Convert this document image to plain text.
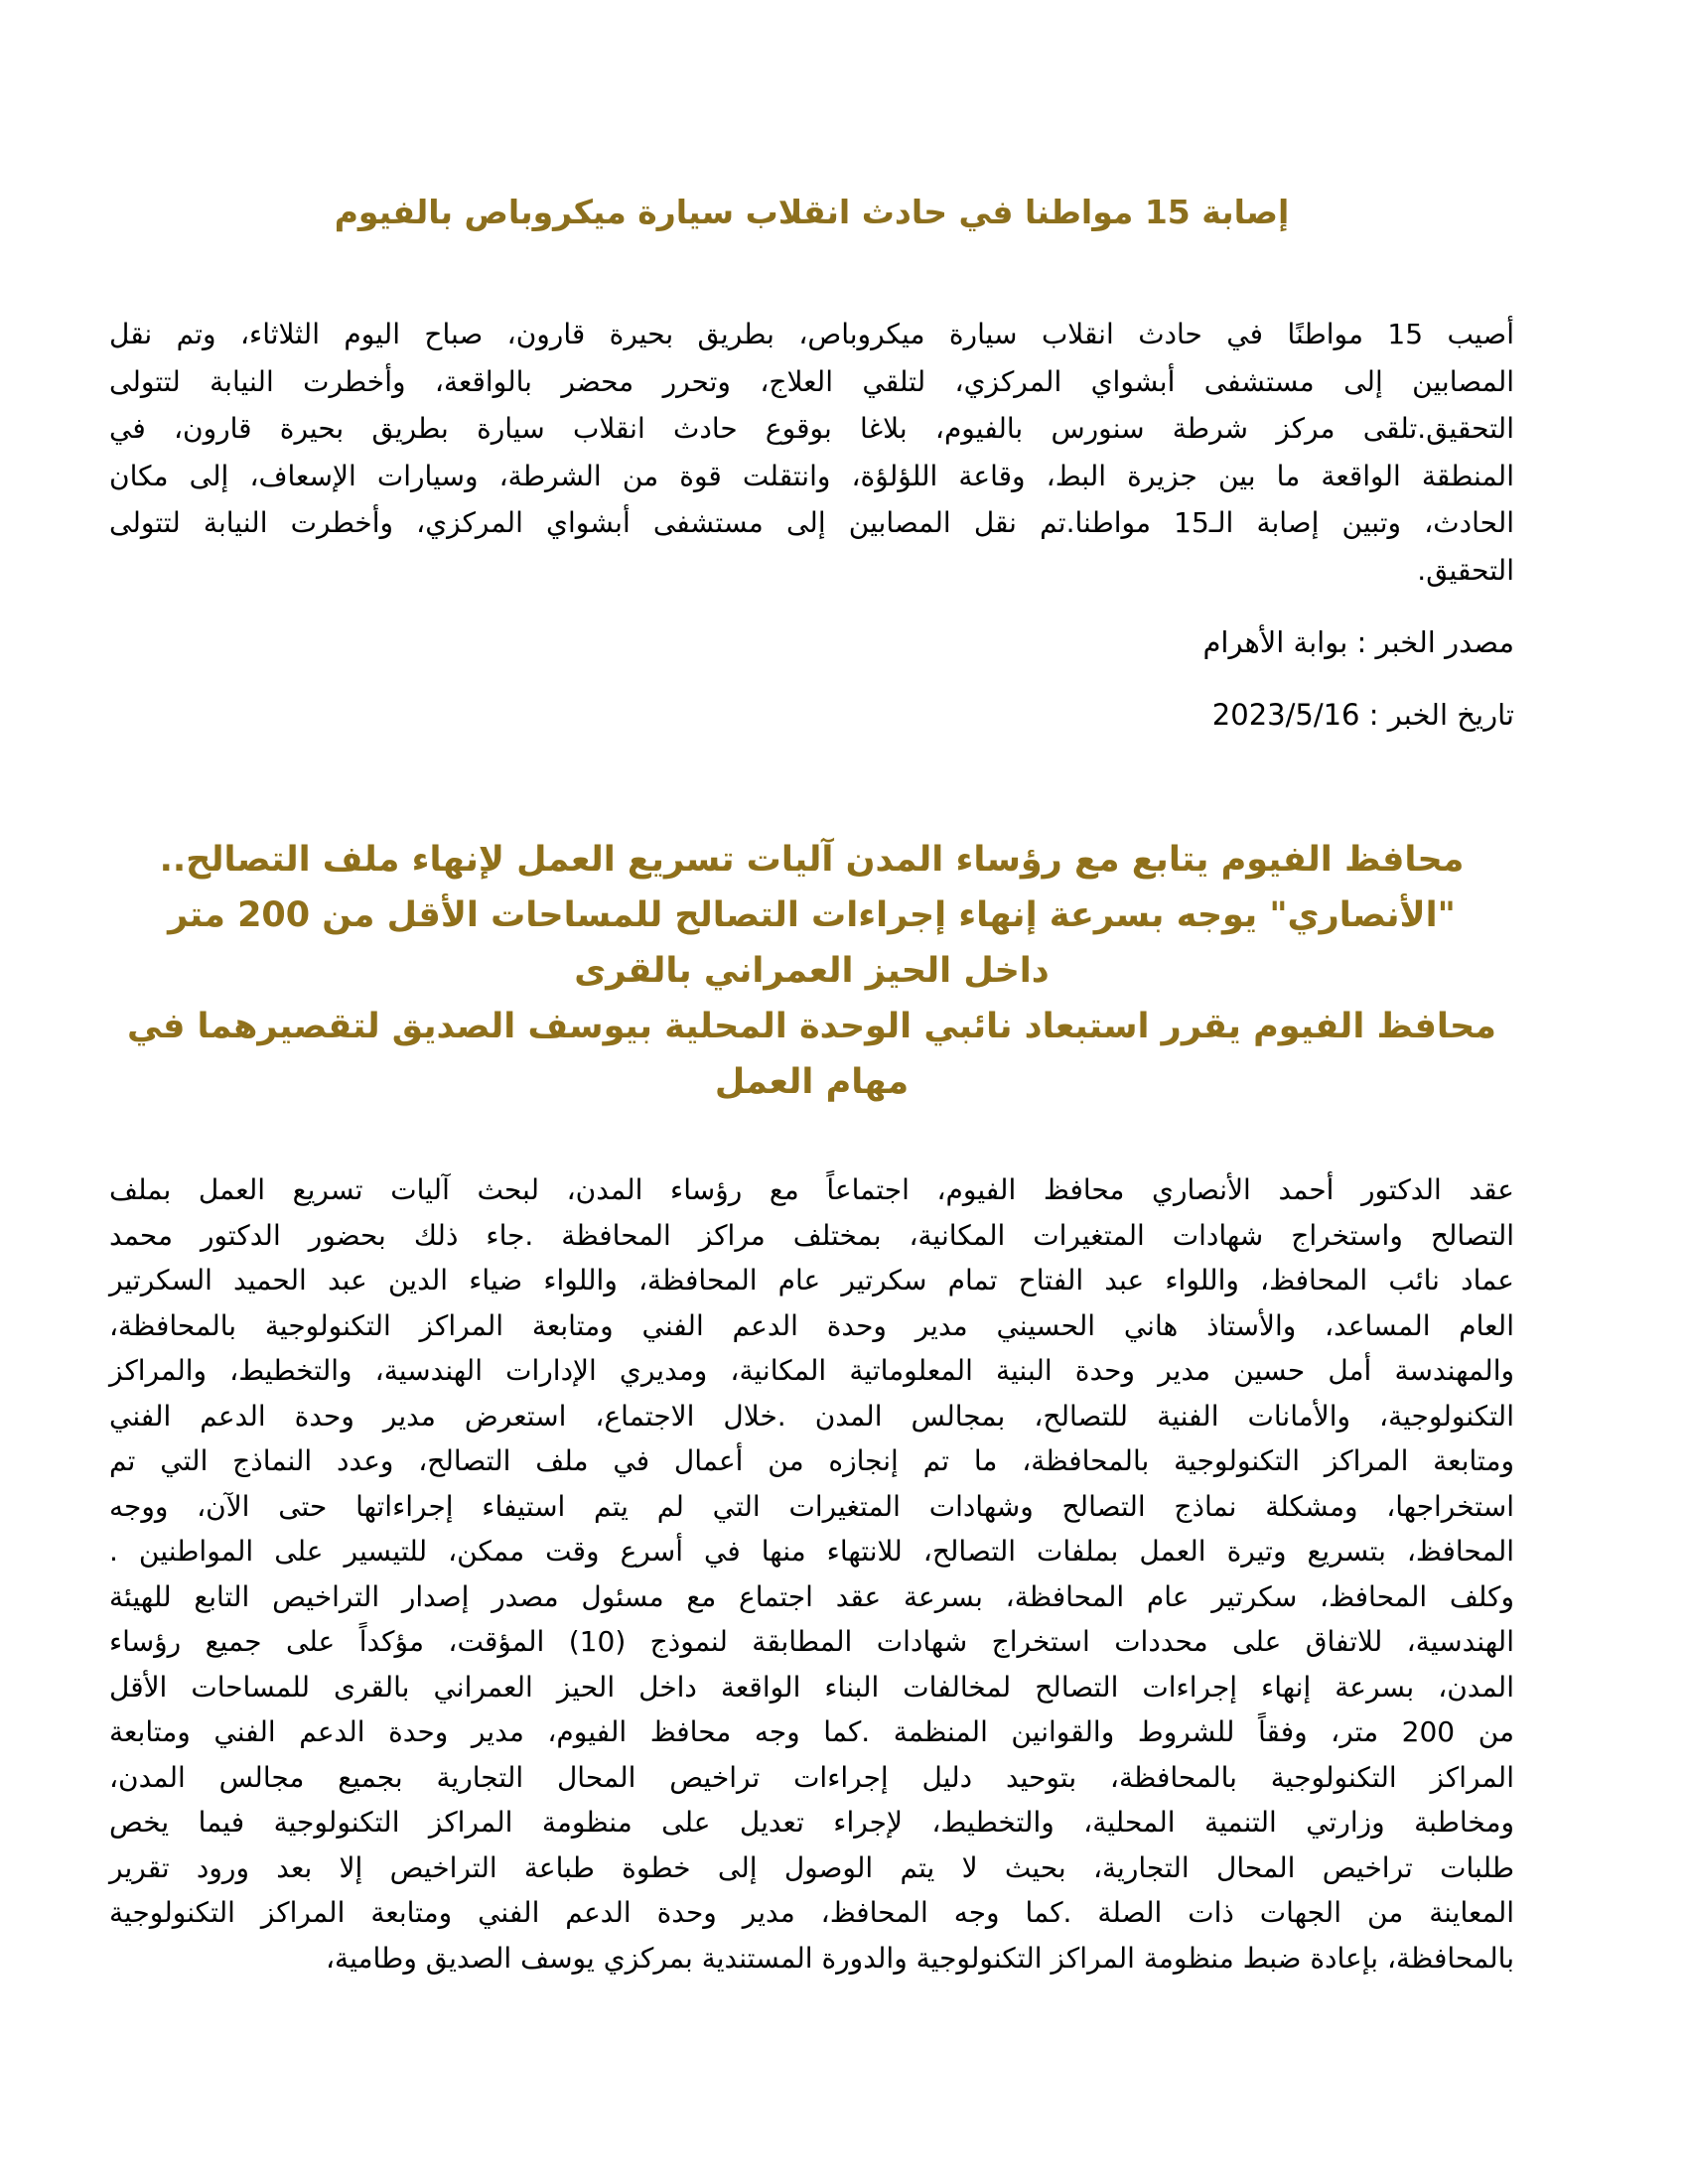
إصابة 15 مواطنا في حادث انقلاب سيارة ميكروباص بالفيوم
أصيب 15 مواطنًا في حادث انقلاب سيارة ميكروباص، بطريق بحيرة قارون، صباح اليوم الثلاثاء، وتم نقل
المصابين إلى مستشفى أبشواي المركزي، لتلقي العلاج، وتحرر محضر بالواقعة، وأخطرت النيابة لتتولى
التحقيق.تلقى مركز شرطة سنورس بالفيوم، بلاغا بوقوع حادث انقلاب سيارة بطريق بحيرة قارون، في
المنطقة الواقعة ما بين جزيرة البط، وقاعة اللؤلؤة، وانتقلت قوة من الشرطة، وسيارات الإسعاف، إلى مكان
الحادث، وتبين إصابة الـ15 مواطنا.تم نقل المصابين إلى مستشفى أبشواي المركزي، وأخطرت النيابة لتتولى
التحقيق.
مصدر الخبر : بوابة الأهرام
تاريخ الخبر : 2023/5/16
محافظ الفيوم يتابع مع رؤساء المدن آليات تسريع العمل لإنهاء ملف التصالح..
"الأنصاري" يوجه بسرعة إنهاء إجراءات التصالح للمساحات الأقل من 200 متر
داخل الحيز العمراني بالقرى
محافظ الفيوم يقرر استبعاد نائبي الوحدة المحلية بيوسف الصديق لتقصيرهما في
مهام العمل
عقد الدكتور أحمد الأنصاري محافظ الفيوم، اجتماعاً مع رؤساء المدن، لبحث آليات تسريع العمل بملف
التصالح واستخراج شهادات المتغيرات المكانية، بمختلف مراكز المحافظة .جاء ذلك بحضور الدكتور محمد
عماد نائب المحافظ، واللواء عبد الفتاح تمام سكرتير عام المحافظة، واللواء ضياء الدين عبد الحميد السكرتير
العام المساعد، والأستاذ هاني الحسيني مدير وحدة الدعم الفني ومتابعة المراكز التكنولوجية بالمحافظة،
والمهندسة أمل حسين مدير وحدة البنية المعلوماتية المكانية، ومديري الإدارات الهندسية، والتخطيط، والمراكز
التكنولوجية، والأمانات الفنية للتصالح، بمجالس المدن .خلال الاجتماع، استعرض مدير وحدة الدعم الفني
ومتابعة المراكز التكنولوجية بالمحافظة، ما تم إنجازه من أعمال في ملف التصالح، وعدد النماذج التي تم
استخراجها، ومشكلة نماذج التصالح وشهادات المتغيرات التي لم يتم استيفاء إجراءاتها حتى الآن، ووجه
المحافظ، بتسريع وتيرة العمل بملفات التصالح، للانتهاء منها في أسرع وقت ممكن، للتيسير على المواطنين .
وكلف المحافظ، سكرتير عام المحافظة، بسرعة عقد اجتماع مع مسئول مصدر إصدار التراخيص التابع للهيئة
الهندسية، للاتفاق على محددات استخراج شهادات المطابقة لنموذج (10) المؤقت، مؤكداً على جميع رؤساء
المدن، بسرعة إنهاء إجراءات التصالح لمخالفات البناء الواقعة داخل الحيز العمراني بالقرى للمساحات الأقل
من 200 متر، وفقاً للشروط والقوانين المنظمة .كما وجه محافظ الفيوم، مدير وحدة الدعم الفني ومتابعة
المراكز التكنولوجية بالمحافظة، بتوحيد دليل إجراءات تراخيص المحال التجارية بجميع مجالس المدن،
ومخاطبة وزارتي التنمية المحلية، والتخطيط، لإجراء تعديل على منظومة المراكز التكنولوجية فيما يخص
طلبات تراخيص المحال التجارية، بحيث لا يتم الوصول إلى خطوة طباعة التراخيص إلا بعد ورود تقرير
المعاينة من الجهات ذات الصلة .كما وجه المحافظ، مدير وحدة الدعم الفني ومتابعة المراكز التكنولوجية
بالمحافظة، بإعادة ضبط منظومة المراكز التكنولوجية والدورة المستندية بمركزي يوسف الصديق وطامية،
